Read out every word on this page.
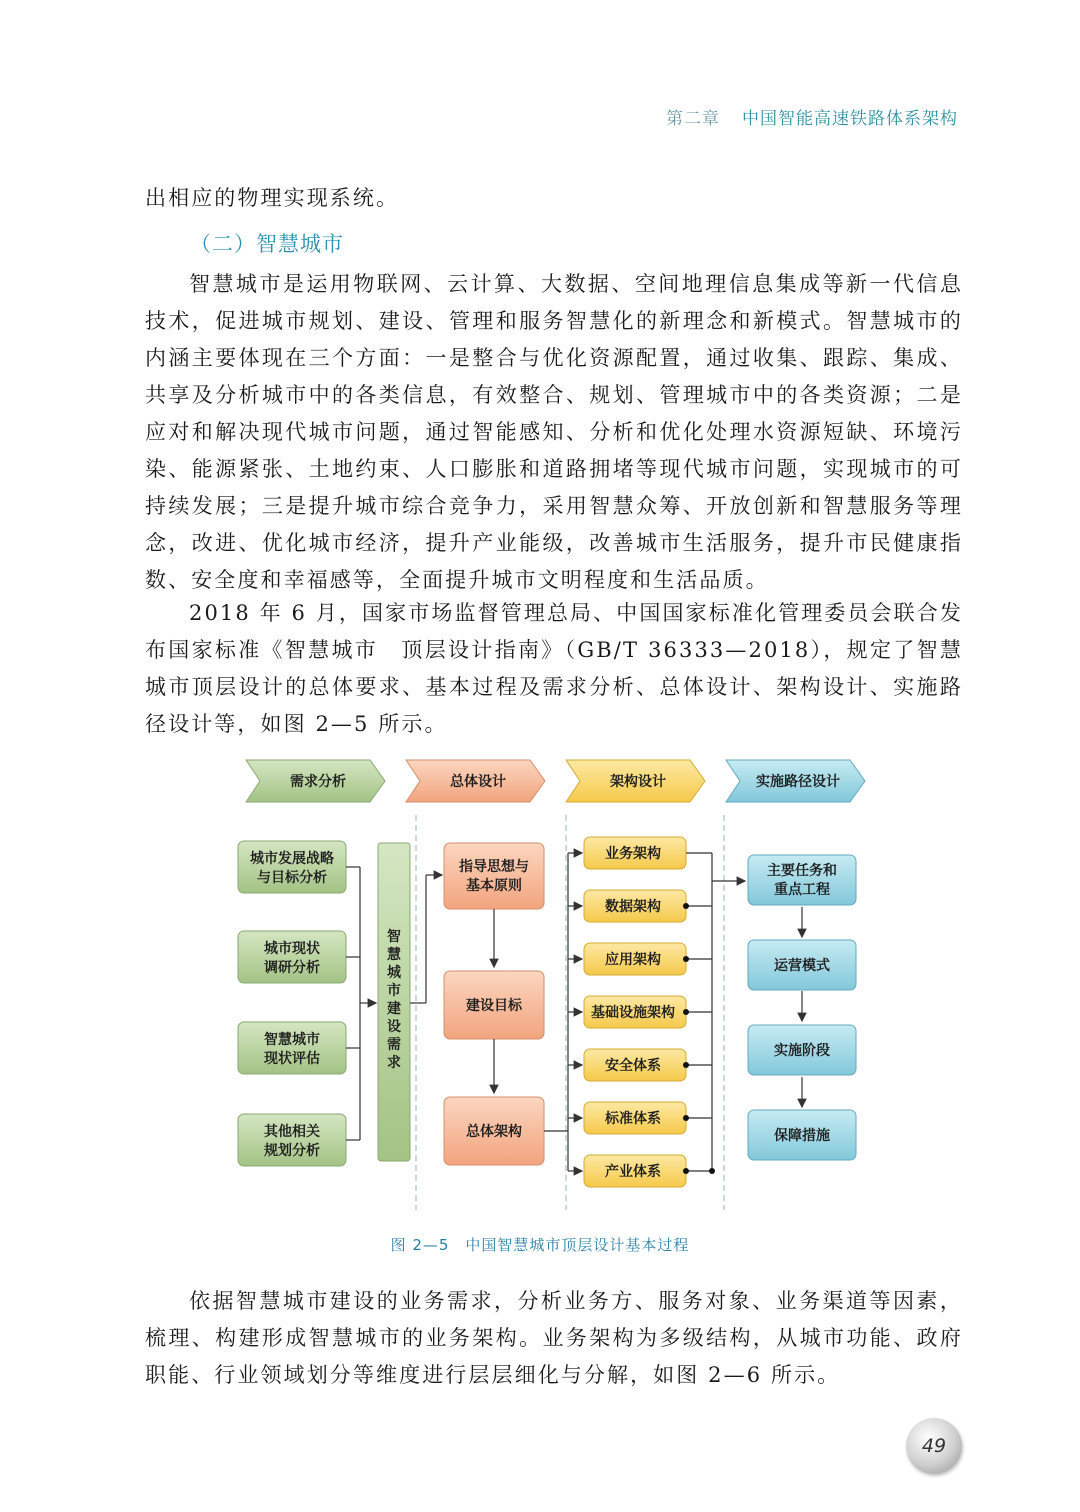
第二章 中国智能高速铁路体系架构

出相应的物理实现系统。

（二）智慧城市

智慧城市是运用物联网、云计算、大数据、空间地理信息集成等新一代信息技术，促进城市规划、建设、管理和服务智慧化的新理念和新模式。智慧城市的内涵主要体现在三个方面：一是整合与优化资源配置，通过收集、跟踪、集成、共享及分析城市中的各类信息，有效整合、规划、管理城市中的各类资源；二是应对和解决现代城市问题，通过智能感知、分析和优化处理水资源短缺、环境污染、能源紧张、土地约束、人口膨胀和道路拥堵等现代城市问题，实现城市的可持续发展；三是提升城市综合竞争力，采用智慧众筹、开放创新和智慧服务等理念，改进、优化城市经济，提升产业能级，改善城市生活服务，提升市民健康指数、安全度和幸福感等，全面提升城市文明程度和生活品质。

2018 年 6 月，国家市场监督管理总局、中国国家标准化管理委员会联合发布国家标准《智慧城市　顶层设计指南》（GB/T 36333—2018），规定了智慧城市顶层设计的总体要求、基本过程及需求分析、总体设计、架构设计、实施路径设计等，如图 2—5 所示。

需求分析	总体设计	架构设计	实施路径设计
城市发展战略
与目标分析
城市现状
调研分析
智慧城市
现状评估
其他相关
规划分析
智
慧
城
市
建
设
需
求
指导思想与
基本原则
建设目标
总体架构
业务架构
数据架构
应用架构
基础设施架构
安全体系
标准体系
产业体系
主要任务和
重点工程
运营模式
实施阶段
保障措施
图 2—5　中国智慧城市顶层设计基本过程

依据智慧城市建设的业务需求，分析业务方、服务对象、业务渠道等因素，梳理、构建形成智慧城市的业务架构。业务架构为多级结构，从城市功能、政府职能、行业领域划分等维度进行层层细化与分解，如图 2—6 所示。

49
